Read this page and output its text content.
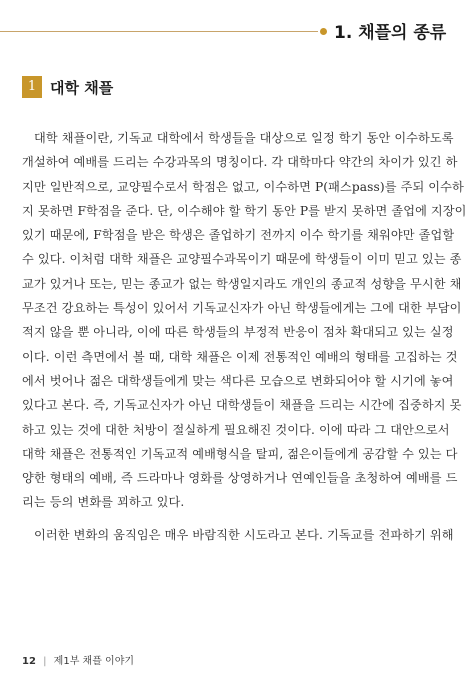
1. 채플의 종류
1 대학 채플
대학 채플이란, 기독교 대학에서 학생들을 대상으로 일정 학기 동안 이수하도록
개설하여 예배를 드리는 수강과목의 명칭이다. 각 대학마다 약간의 차이가 있긴 하
지만 일반적으로, 교양필수로서 학점은 없고, 이수하면 P(패스pass)를 주되 이수하
지 못하면 F학점을 준다. 단, 이수해야 할 학기 동안 P를 받지 못하면 졸업에 지장이
있기 때문에, F학점을 받은 학생은 졸업하기 전까지 이수 학기를 채워야만 졸업할
수 있다. 이처럼 대학 채플은 교양필수과목이기 때문에 학생들이 이미 믿고 있는 종
교가 있거나 또는, 믿는 종교가 없는 학생일지라도 개인의 종교적 성향을 무시한 채
무조건 강요하는 특성이 있어서 기독교신자가 아닌 학생들에게는 그에 대한 부담이
적지 않을 뿐 아니라, 이에 따른 학생들의 부정적 반응이 점차 확대되고 있는 실정
이다. 이런 측면에서 볼 때, 대학 채플은 이제 전통적인 예배의 형태를 고집하는 것
에서 벗어나 젊은 대학생들에게 맞는 색다른 모습으로 변화되어야 할 시기에 놓여
있다고 본다. 즉, 기독교신자가 아닌 대학생들이 채플을 드리는 시간에 집중하지 못
하고 있는 것에 대한 처방이 절실하게 필요해진 것이다. 이에 따라 그 대안으로서
대학 채플은 전통적인 기독교적 예배형식을 탈피, 젊은이들에게 공감할 수 있는 다
양한 형태의 예배, 즉 드라마나 영화를 상영하거나 연예인들을 초청하여 예배를 드
리는 등의 변화를 꾀하고 있다.
이러한 변화의 움직임은 매우 바람직한 시도라고 본다. 기독교를 전파하기 위해
12 | 제1부 채플 이야기
